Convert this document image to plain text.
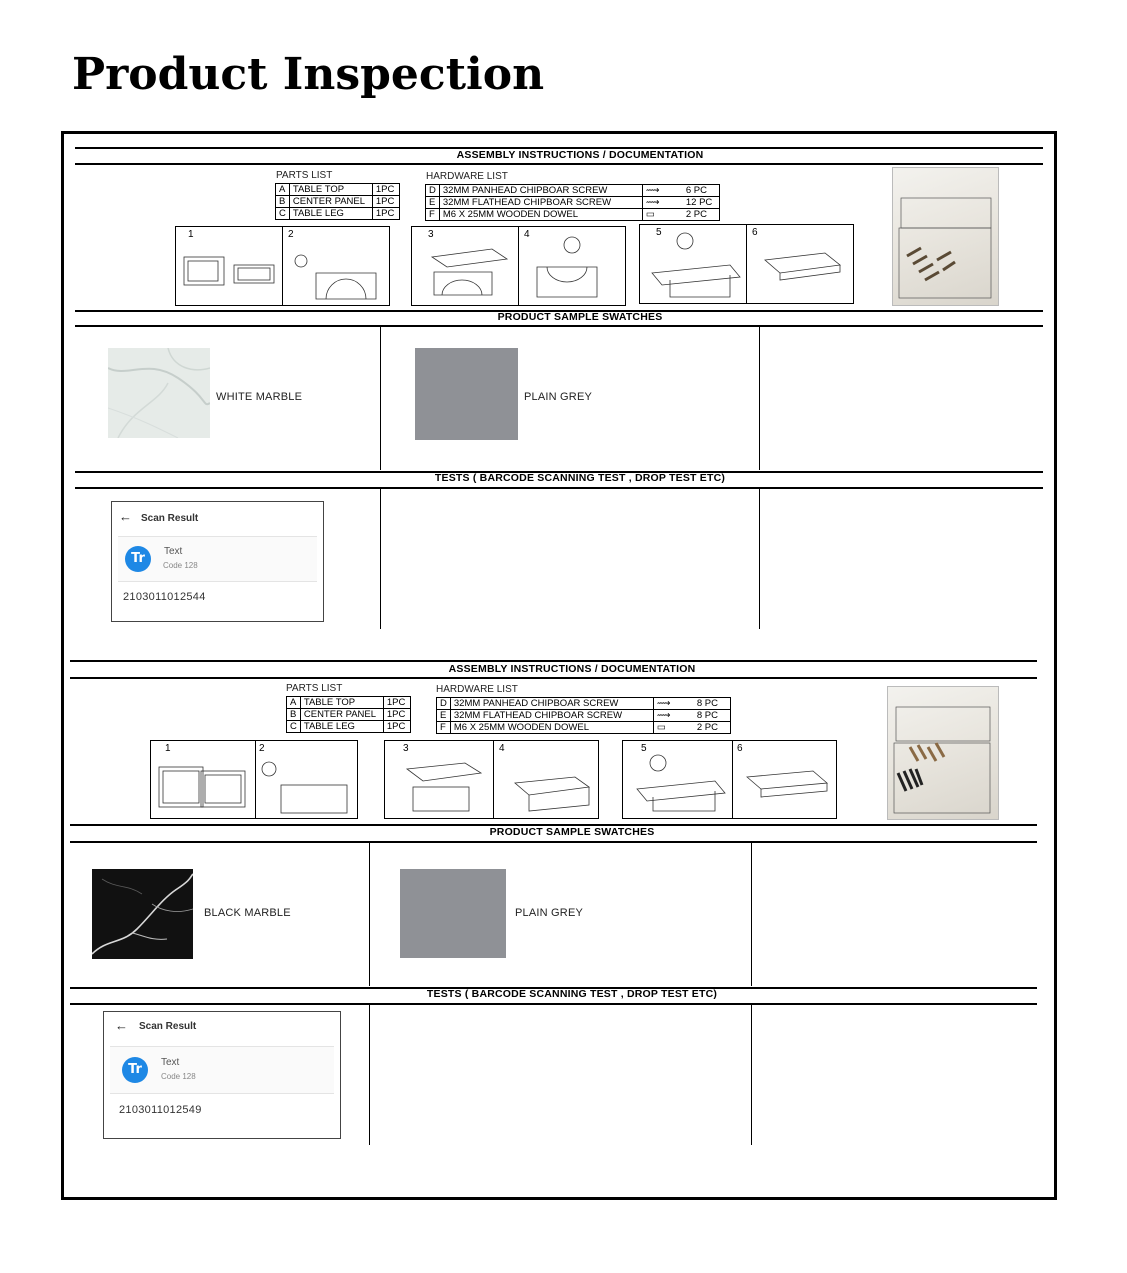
Product Inspection
ASSEMBLY INSTRUCTIONS / DOCUMENTATION
PARTS LIST
A	TABLE TOP	1PC
B	CENTER PANEL	1PC
C	TABLE LEG	1PC
HARDWARE LIST
D	32MM PANHEAD CHIPBOAR SCREW	⟿	6 PC
E	32MM FLATHEAD CHIPBOAR SCREW	⟿	12 PC
F	M6 X 25MM WOODEN DOWEL	▭	2 PC
1	2	3	4	5	6
PRODUCT SAMPLE SWATCHES
WHITE MARBLE	PLAIN GREY
TESTS ( BARCODE SCANNING TEST , DROP TEST ETC)
← Scan Result
Tr	Text
Code 128
2103011012544
ASSEMBLY INSTRUCTIONS / DOCUMENTATION
PARTS LIST
A	TABLE TOP	1PC
B	CENTER PANEL	1PC
C	TABLE LEG	1PC
HARDWARE LIST
D	32MM PANHEAD CHIPBOAR SCREW	⟿	8 PC
E	32MM FLATHEAD CHIPBOAR SCREW	⟿	8 PC
F	M6 X 25MM WOODEN DOWEL	▭	2 PC
1	2	3	4	5	6
PRODUCT SAMPLE SWATCHES
BLACK MARBLE	PLAIN GREY
TESTS ( BARCODE SCANNING TEST , DROP TEST ETC)
← Scan Result
Tr	Text
Code 128
2103011012549
